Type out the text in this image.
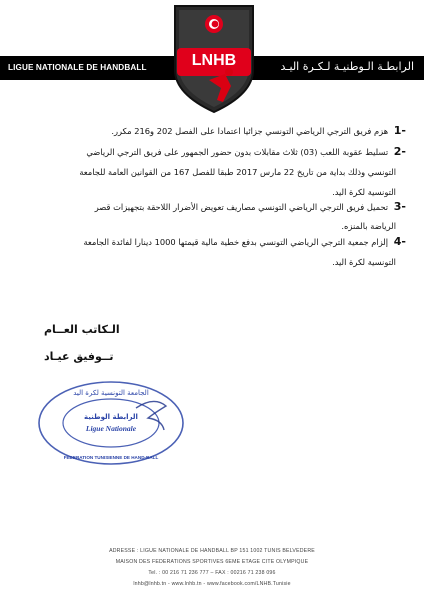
LIGUE NATIONALE DE HANDBALL	الرابطـة الـوطنيـة لـكـرة اليـد
LNHB
-1 هزم فريق الترجي الرياضي التونسي جزائيا اعتمادا على الفصل 202 و216 مكرر.
-2 تسليط عقوبة اللعب (03) ثلاث مقابلات بدون حضور الجمهور على فريق الترجي الرياضي
التونسي وذلك بداية من تاريخ 22 مارس 2017 طبقا للفصل 167 من القوانين العامة للجامعة
التونسية لكرة اليد.
-3 تحميل فريق الترجي الرياضي التونسي مصاريف تعويض الأضرار اللاحقة بتجهيزات قصر
الرياضة بالمنزه.
-4 إلزام جمعية الترجي الرياضي التونسي بدفع خطية مالية قيمتها 1000 دينارا لفائدة الجامعة
التونسية لكرة اليد.
الـكاتب العــام
تــوفيق عيـاد
الجامعة التونسية لكرة اليد
الرابطة الوطنية
Ligue Nationale
FEDERATION TUNISIENNE DE HAND-BALL
ADRESSE : LIGUE NATIONALE DE HANDBALL BP 151 1002 TUNIS BELVEDERE
MAISON DES FEDERATIONS SPORTIVES 6EME ETAGE CITE OLYMPIQUE
Tel. : 00 216 71 236 777 – FAX : 00216 71 238 096
lnhb@lnhb.tn - www.lnhb.tn - www.facebook.com/LNHB.Tunisie
